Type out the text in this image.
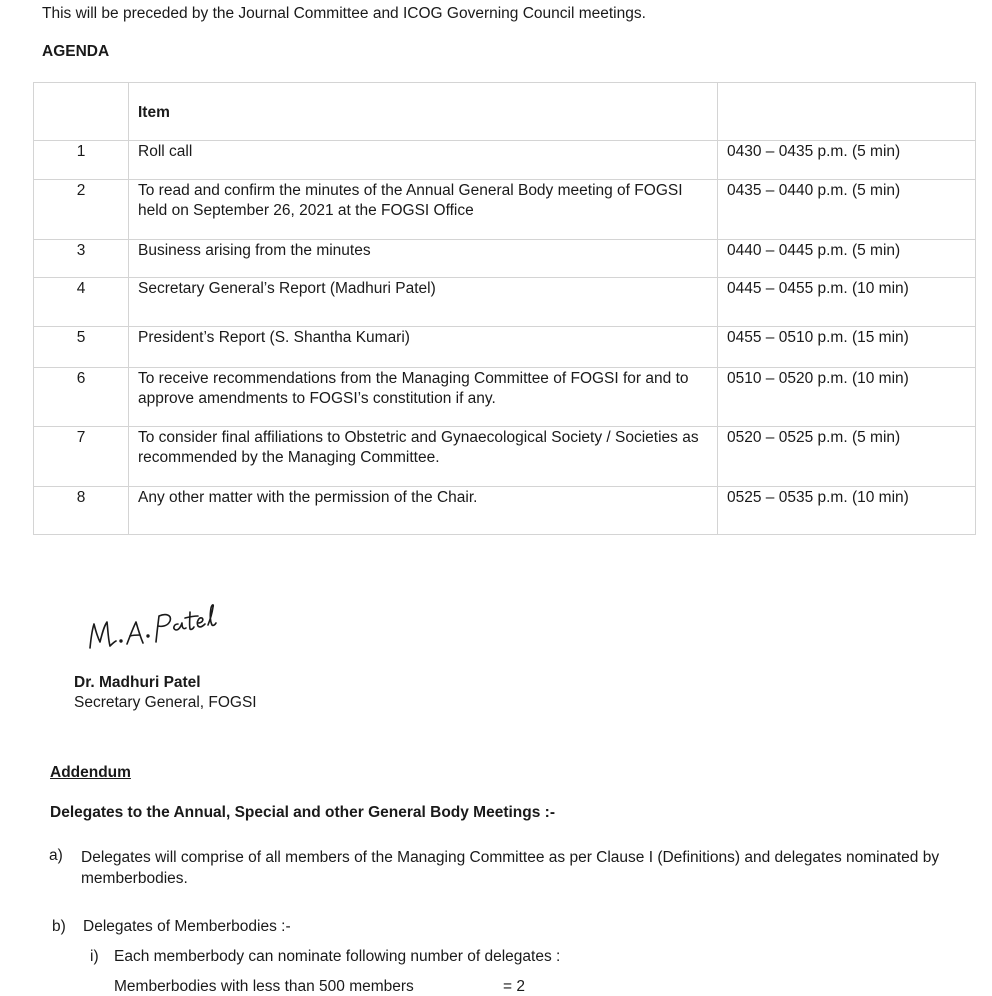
This will be preceded by the Journal Committee and ICOG Governing Council meetings.
AGENDA
	Item	
1	Roll call	0430 – 0435 p.m. (5 min)
2	To read and confirm the minutes of the Annual General Body meeting of FOGSI held on September 26, 2021 at the FOGSI Office	0435 – 0440 p.m. (5 min)
3	Business arising from the minutes	0440 – 0445 p.m. (5 min)
4	Secretary General’s Report (Madhuri Patel)	0445 – 0455 p.m. (10 min)
5	President’s Report (S. Shantha Kumari)	0455 – 0510 p.m. (15 min)
6	To receive recommendations from the Managing Committee of FOGSI for and to approve amendments to FOGSI’s constitution if any.	0510 – 0520 p.m. (10 min)
7	To consider final affiliations to Obstetric and Gynaecological Society / Societies as recommended by the Managing Committee.	0520 – 0525 p.m. (5 min)
8	Any other matter with the permission of the Chair.	0525 – 0535 p.m. (10 min)
Dr. Madhuri Patel
Secretary General, FOGSI
Addendum
Delegates to the Annual, Special and other General Body Meetings :-
a) Delegates will comprise of all members of the Managing Committee as per Clause I (Definitions) and delegates nominated by memberbodies.
b) Delegates of Memberbodies :-
i) Each memberbody can nominate following number of delegates :
Memberbodies with less than 500 members	= 2
